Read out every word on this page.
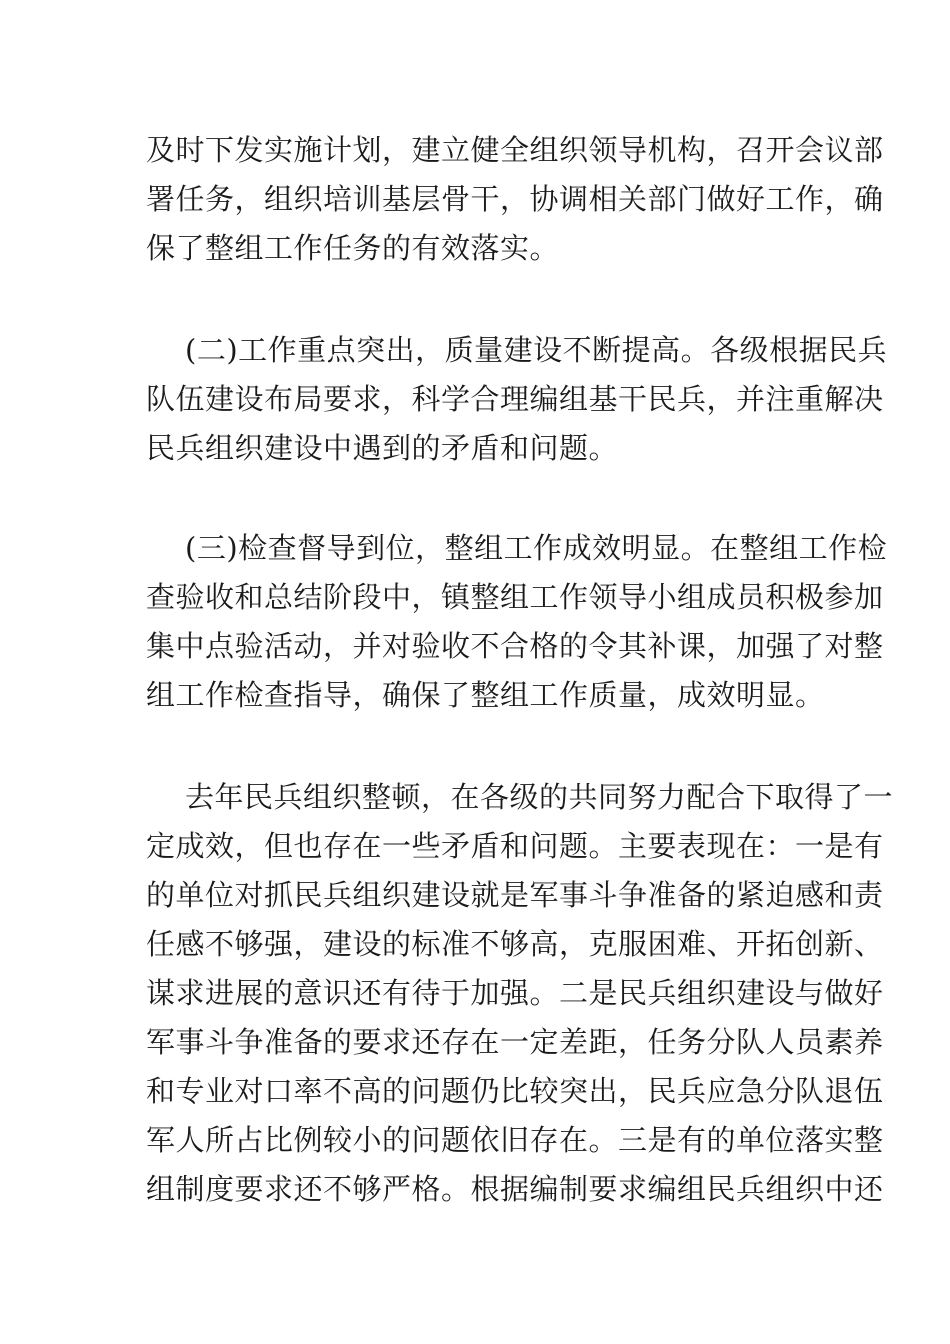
及时下发实施计划，建立健全组织领导机构，召开会议部
署任务，组织培训基层骨干，协调相关部门做好工作，确
保了整组工作任务的有效落实。
(二)工作重点突出，质量建设不断提高。各级根据民兵
队伍建设布局要求，科学合理编组基干民兵，并注重解决
民兵组织建设中遇到的矛盾和问题。
(三)检查督导到位，整组工作成效明显。在整组工作检
查验收和总结阶段中，镇整组工作领导小组成员积极参加
集中点验活动，并对验收不合格的令其补课，加强了对整
组工作检查指导，确保了整组工作质量，成效明显。
去年民兵组织整顿，在各级的共同努力配合下取得了一
定成效，但也存在一些矛盾和问题。主要表现在：一是有
的单位对抓民兵组织建设就是军事斗争准备的紧迫感和责
任感不够强，建设的标准不够高，克服困难、开拓创新、
谋求进展的意识还有待于加强。二是民兵组织建设与做好
军事斗争准备的要求还存在一定差距，任务分队人员素养
和专业对口率不高的问题仍比较突出，民兵应急分队退伍
军人所占比例较小的问题依旧存在。三是有的单位落实整
组制度要求还不够严格。根据编制要求编组民兵组织中还
